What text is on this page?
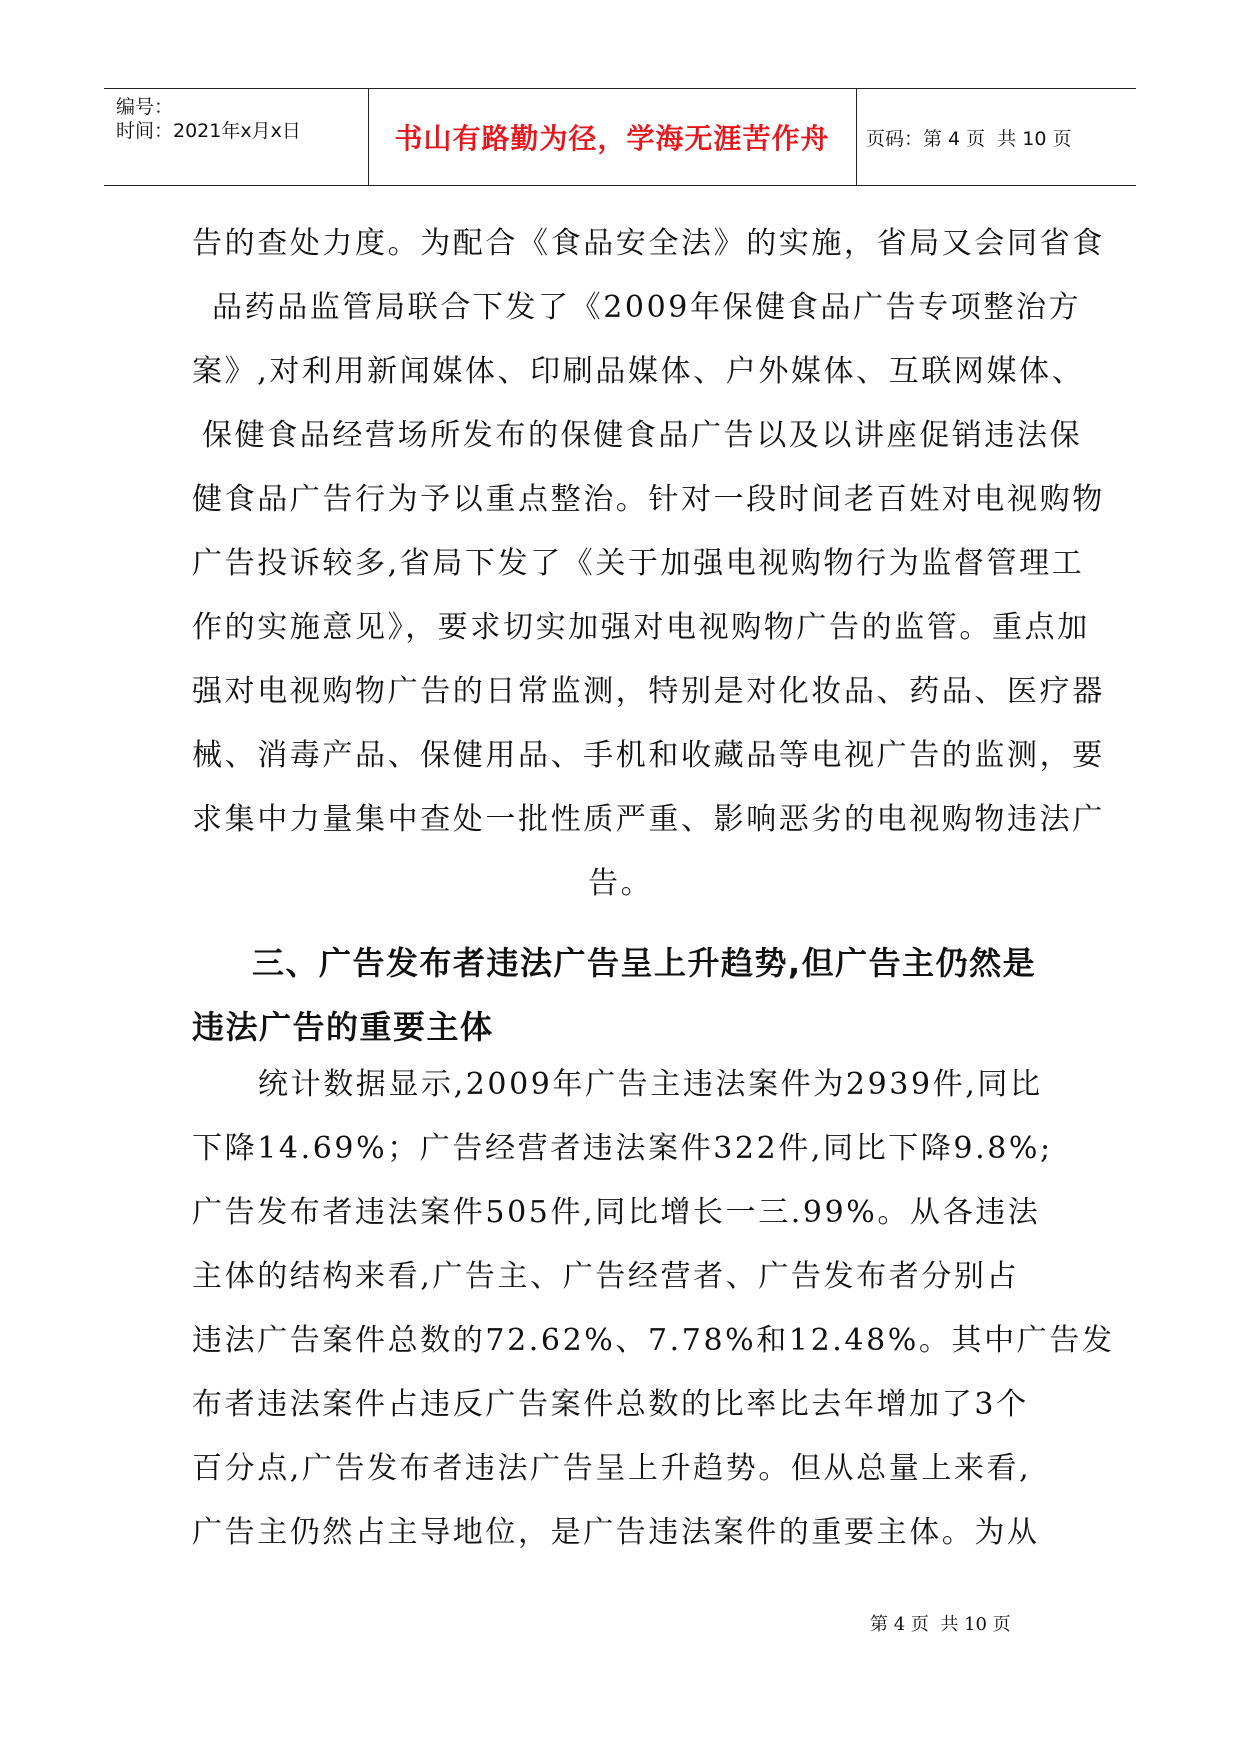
编号：
时间：2021年x月x日	书山有路勤为径，学海无涯苦作舟	页码：第 4 页  共 10 页
告的查处力度。为配合《食品安全法》的实施，省局又会同省食
品药品监管局联合下发了《2009年保健食品广告专项整治方
案》,对利用新闻媒体、印刷品媒体、户外媒体、互联网媒体、
保健食品经营场所发布的保健食品广告以及以讲座促销违法保
健食品广告行为予以重点整治。针对一段时间老百姓对电视购物
广告投诉较多,省局下发了《关于加强电视购物行为监督管理工
作的实施意见》，要求切实加强对电视购物广告的监管。重点加
强对电视购物广告的日常监测，特别是对化妆品、药品、医疗器
械、消毒产品、保健用品、手机和收藏品等电视广告的监测，要
求集中力量集中查处一批性质严重、影响恶劣的电视购物违法广
告。
三、广告发布者违法广告呈上升趋势,但广告主仍然是
违法广告的重要主体
统计数据显示,2009年广告主违法案件为2939件,同比
下降14.69%；广告经营者违法案件322件,同比下降9.8%;
广告发布者违法案件505件,同比增长一三.99%。从各违法
主体的结构来看,广告主、广告经营者、广告发布者分别占
违法广告案件总数的72.62%、7.78%和12.48%。其中广告发
布者违法案件占违反广告案件总数的比率比去年增加了3个
百分点,广告发布者违法广告呈上升趋势。但从总量上来看,
广告主仍然占主导地位，是广告违法案件的重要主体。为从
第 4 页  共 10 页
